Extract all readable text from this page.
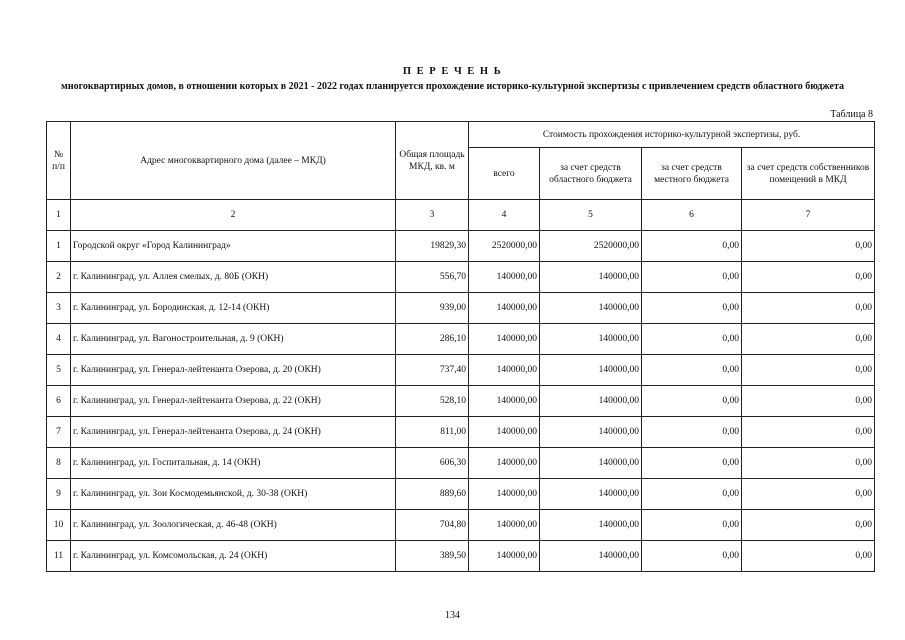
П Е Р Е Ч Е Н Ь
многоквартирных домов, в отношении которых в 2021 - 2022 годах планируется прохождение историко-культурной экспертизы с привлечением средств областного бюджета
Таблица 8
№ п/п	Адрес многоквартирного дома (далее – МКД)	Общая площадь МКД, кв. м	Стоимость прохождения историко-культурной экспертизы, руб.			
			всего	за счет средств областного бюджета	за счет средств местного бюджета	за счет средств собственников помещений в МКД
1	2	3	4	5	6	7
1	Городской округ «Город Калининград»	19829,30	2520000,00	2520000,00	0,00	0,00
2	г. Калининград, ул. Аллея смелых, д. 80Б (ОКН)	556,70	140000,00	140000,00	0,00	0,00
3	г. Калининград, ул. Бородинская, д. 12-14 (ОКН)	939,00	140000,00	140000,00	0,00	0,00
4	г. Калининград, ул. Вагоностроительная, д. 9 (ОКН)	286,10	140000,00	140000,00	0,00	0,00
5	г. Калининград, ул. Генерал-лейтенанта Озерова, д. 20 (ОКН)	737,40	140000,00	140000,00	0,00	0,00
6	г. Калининград, ул. Генерал-лейтенанта Озерова, д. 22 (ОКН)	528,10	140000,00	140000,00	0,00	0,00
7	г. Калининград, ул. Генерал-лейтенанта Озерова, д. 24 (ОКН)	811,00	140000,00	140000,00	0,00	0,00
8	г. Калининград, ул. Госпитальная, д. 14 (ОКН)	606,30	140000,00	140000,00	0,00	0,00
9	г. Калининград, ул. Зои Космодемьянской, д. 30-38 (ОКН)	889,60	140000,00	140000,00	0,00	0,00
10	г. Калининград, ул. Зоологическая, д. 46-48 (ОКН)	704,80	140000,00	140000,00	0,00	0,00
11	г. Калининград, ул. Комсомольская, д. 24 (ОКН)	389,50	140000,00	140000,00	0,00	0,00
134
